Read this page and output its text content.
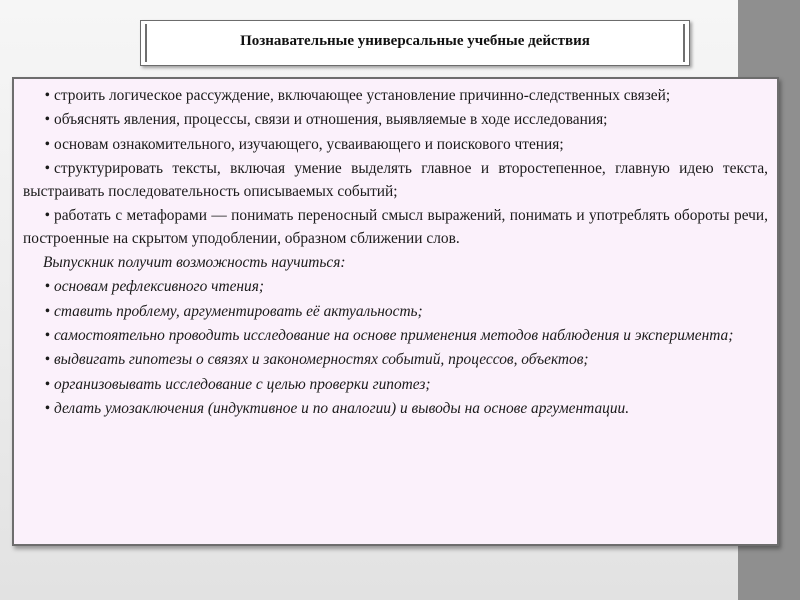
Познавательные универсальные учебные действия
• строить логическое рассуждение, включающее установление причинно-следственных связей;
• объяснять явления, процессы, связи и отношения, выявляемые в ходе исследования;
• основам ознакомительного, изучающего, усваивающего и поискового чтения;
• структурировать тексты, включая умение выделять главное и второстепенное, главную идею текста, выстраивать последовательность описываемых событий;
• работать с метафорами — понимать переносный смысл выражений, понимать и употреблять обороты речи, построенные на скрытом уподоблении, образном сближении слов.
Выпускник получит возможность научиться:
• основам рефлексивного чтения;
• ставить проблему, аргументировать её актуальность;
• самостоятельно проводить исследование на основе применения методов наблюдения и эксперимента;
• выдвигать гипотезы о связях и закономерностях событий, процессов, объектов;
• организовывать исследование с целью проверки гипотез;
• делать умозаключения (индуктивное и по аналогии) и выводы на основе аргументации.
